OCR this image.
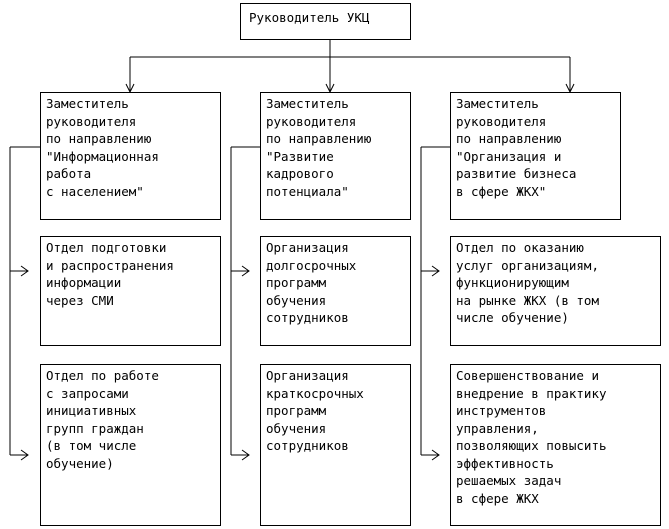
Руководитель УКЦ
Заместитель
руководителя
по направлению
"Информационная
работа
с населением"
Заместитель
руководителя
по направлению
"Развитие
кадрового
потенциала"
Заместитель
руководителя
по направлению
"Организация и
развитие бизнеса
в сфере ЖКХ"
Отдел подготовки
и распространения
информации
через СМИ
Организация
долгосрочных
программ
обучения
сотрудников
Отдел по оказанию
услуг организациям,
функционирующим
на рынке ЖКХ (в том
числе обучение)
Отдел по работе
с запросами
инициативных
групп граждан
(в том числе
обучение)
Организация
краткосрочных
программ
обучения
сотрудников
Совершенствование и
внедрение в практику
инструментов
управления,
позволяющих повысить
эффективность
решаемых задач
в сфере ЖКХ
